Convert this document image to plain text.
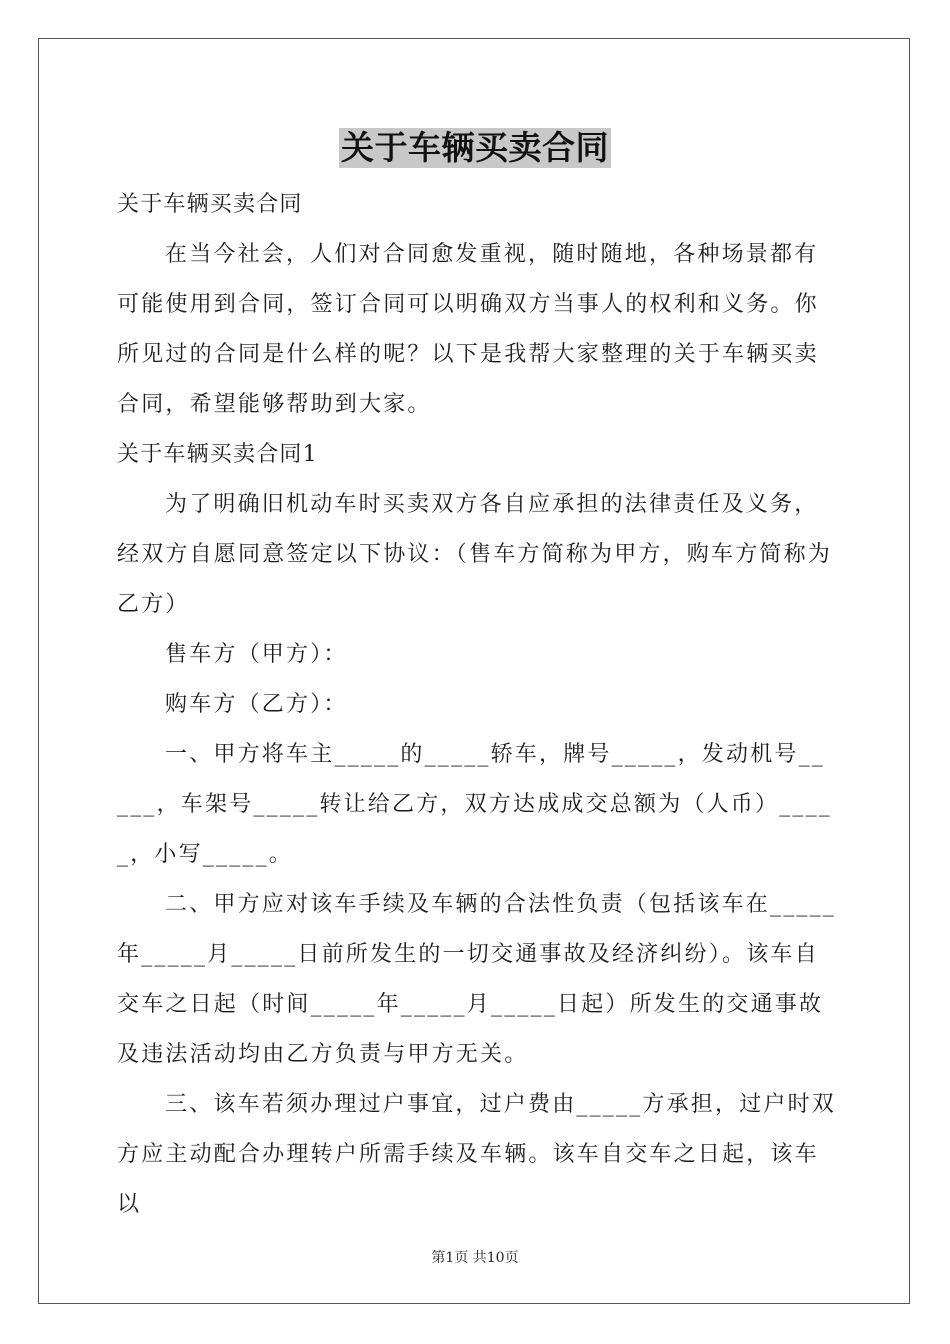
关于车辆买卖合同

关于车辆买卖合同

在当今社会，人们对合同愈发重视，随时随地，各种场景都有可能使用到合同，签订合同可以明确双方当事人的权利和义务。你所见过的合同是什么样的呢？以下是我帮大家整理的关于车辆买卖合同，希望能够帮助到大家。

关于车辆买卖合同1

为了明确旧机动车时买卖双方各自应承担的法律责任及义务，经双方自愿同意签定以下协议：（售车方简称为甲方，购车方简称为乙方）

售车方（甲方）：

购车方（乙方）：

一、甲方将车主_____的_____轿车，牌号_____，发动机号_____，车架号_____转让给乙方，双方达成成交总额为（人币）_____，小写_____。

二、甲方应对该车手续及车辆的合法性负责（包括该车在_____年_____月_____日前所发生的一切交通事故及经济纠纷）。该车自交车之日起（时间_____年_____月_____日起）所发生的交通事故及违法活动均由乙方负责与甲方无关。

三、该车若须办理过户事宜，过户费由_____方承担，过户时双方应主动配合办理转户所需手续及车辆。该车自交车之日起，该车以

第1页 共10页
